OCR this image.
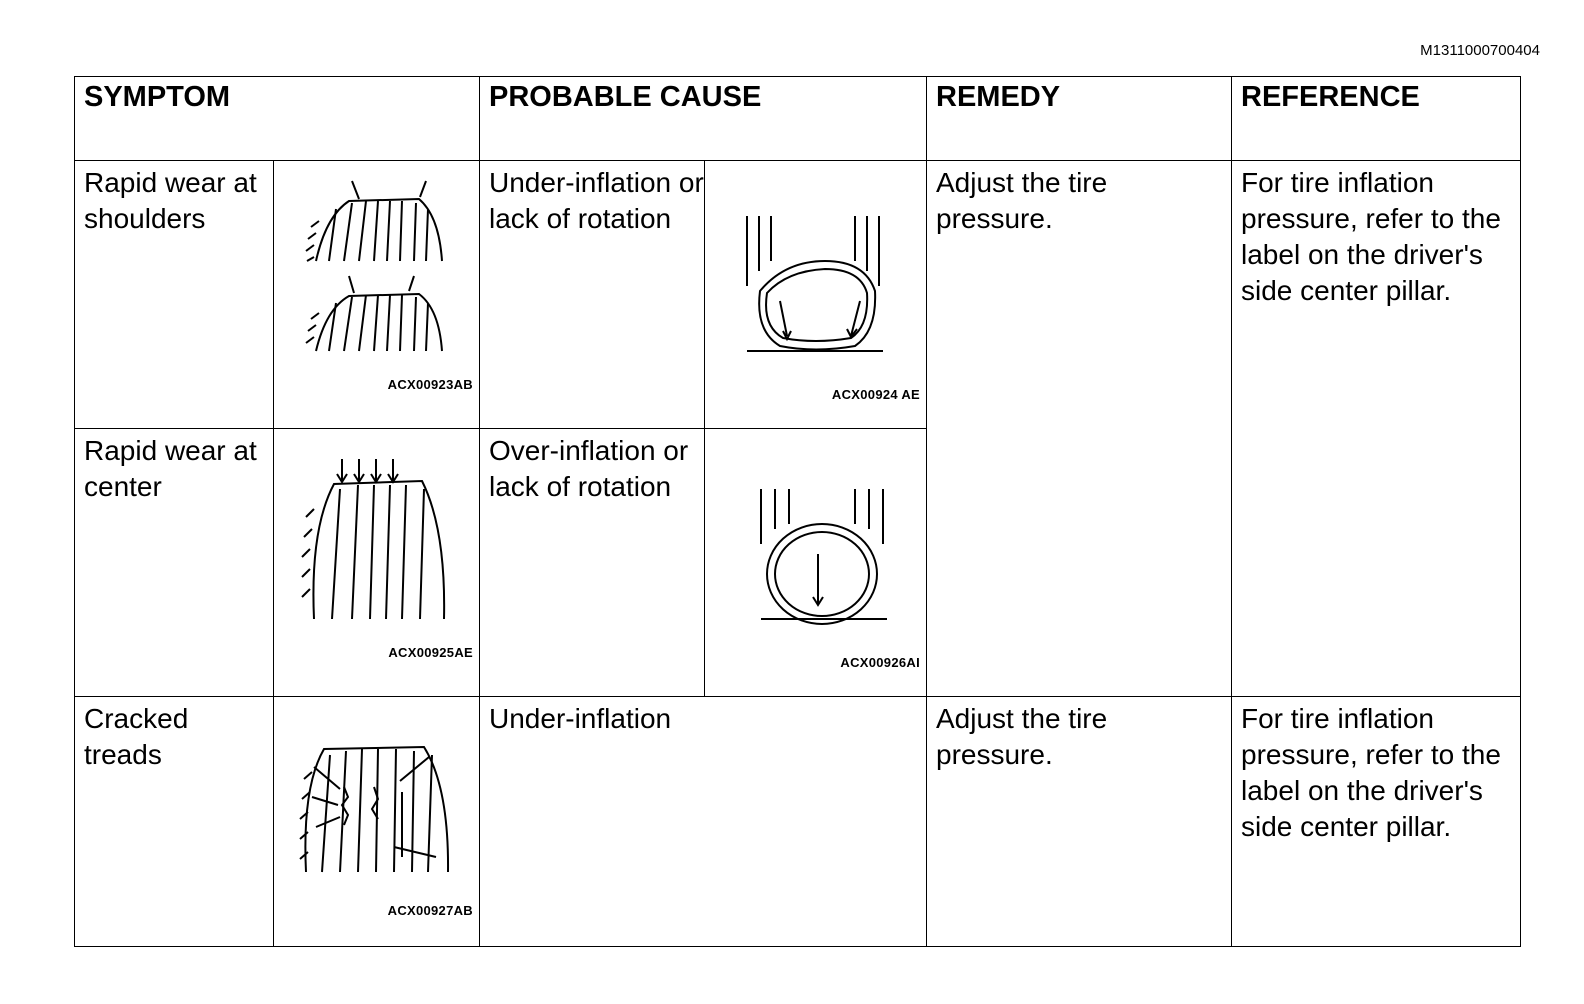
M1311000700404
SYMPTOM		PROBABLE CAUSE		REMEDY	REFERENCE
Rapid wear at shoulders	ACX00923AB	Under-inflation or lack of rotation	ACX00924 AE	Adjust the tire pressure.	For tire inflation pressure, refer to the label on the driver's side center pillar.
Rapid wear at center	ACX00925AE	Over-inflation or lack of rotation	ACX00926AI		

Cracked treads	ACX00927AB	Under-inflation		Adjust the tire pressure.	For tire inflation pressure, refer to the label on the driver's side center pillar.
